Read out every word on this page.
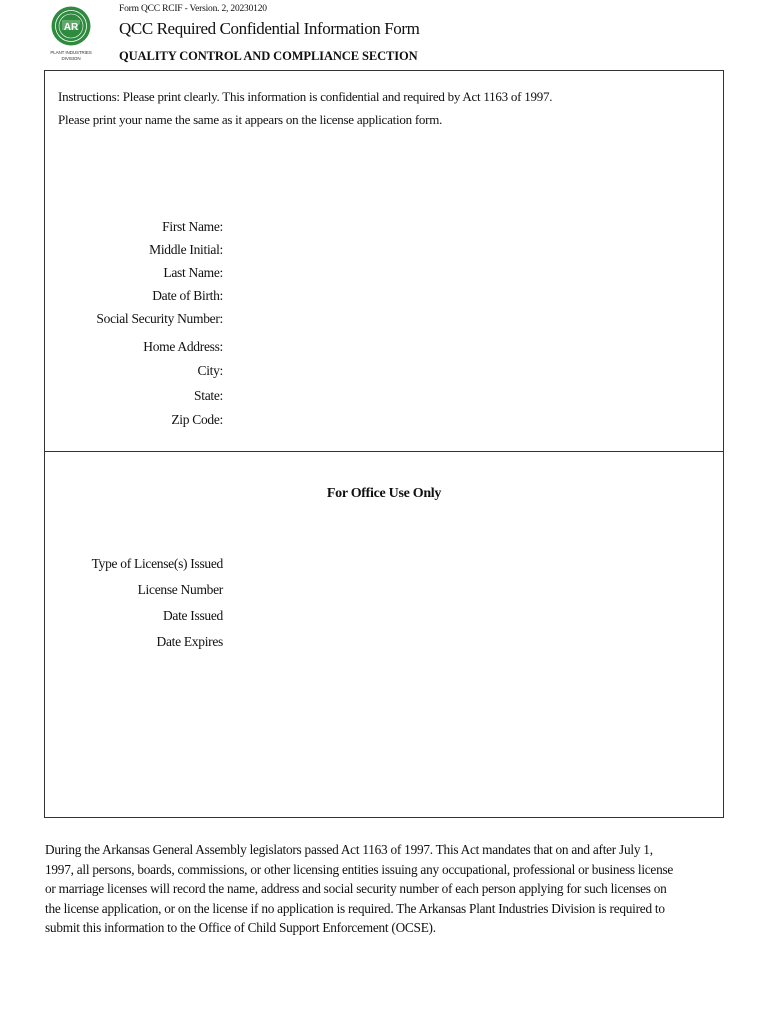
AR
PLANT INDUSTRIES
DIVISION
Form QCC RCIF - Version. 2, 20230120
QCC Required Confidential Information Form
QUALITY CONTROL AND COMPLIANCE SECTION
Instructions: Please print clearly. This information is confidential and required by Act 1163 of 1997.
Please print your name the same as it appears on the license application form.
First Name:
Middle Initial:
Last Name:
Date of Birth:
Social Security Number:
Home Address:
City:
State:
Zip Code:
For Office Use Only
Type of License(s) Issued
License Number
Date Issued
Date Expires
During the Arkansas General Assembly legislators passed Act 1163 of 1997. This Act mandates that on and after July 1,
1997, all persons, boards, commissions, or other licensing entities issuing any occupational, professional or business license
or marriage licenses will record the name, address and social security number of each person applying for such licenses on
the license application, or on the license if no application is required. The Arkansas Plant Industries Division is required to
submit this information to the Office of Child Support Enforcement (OCSE).
